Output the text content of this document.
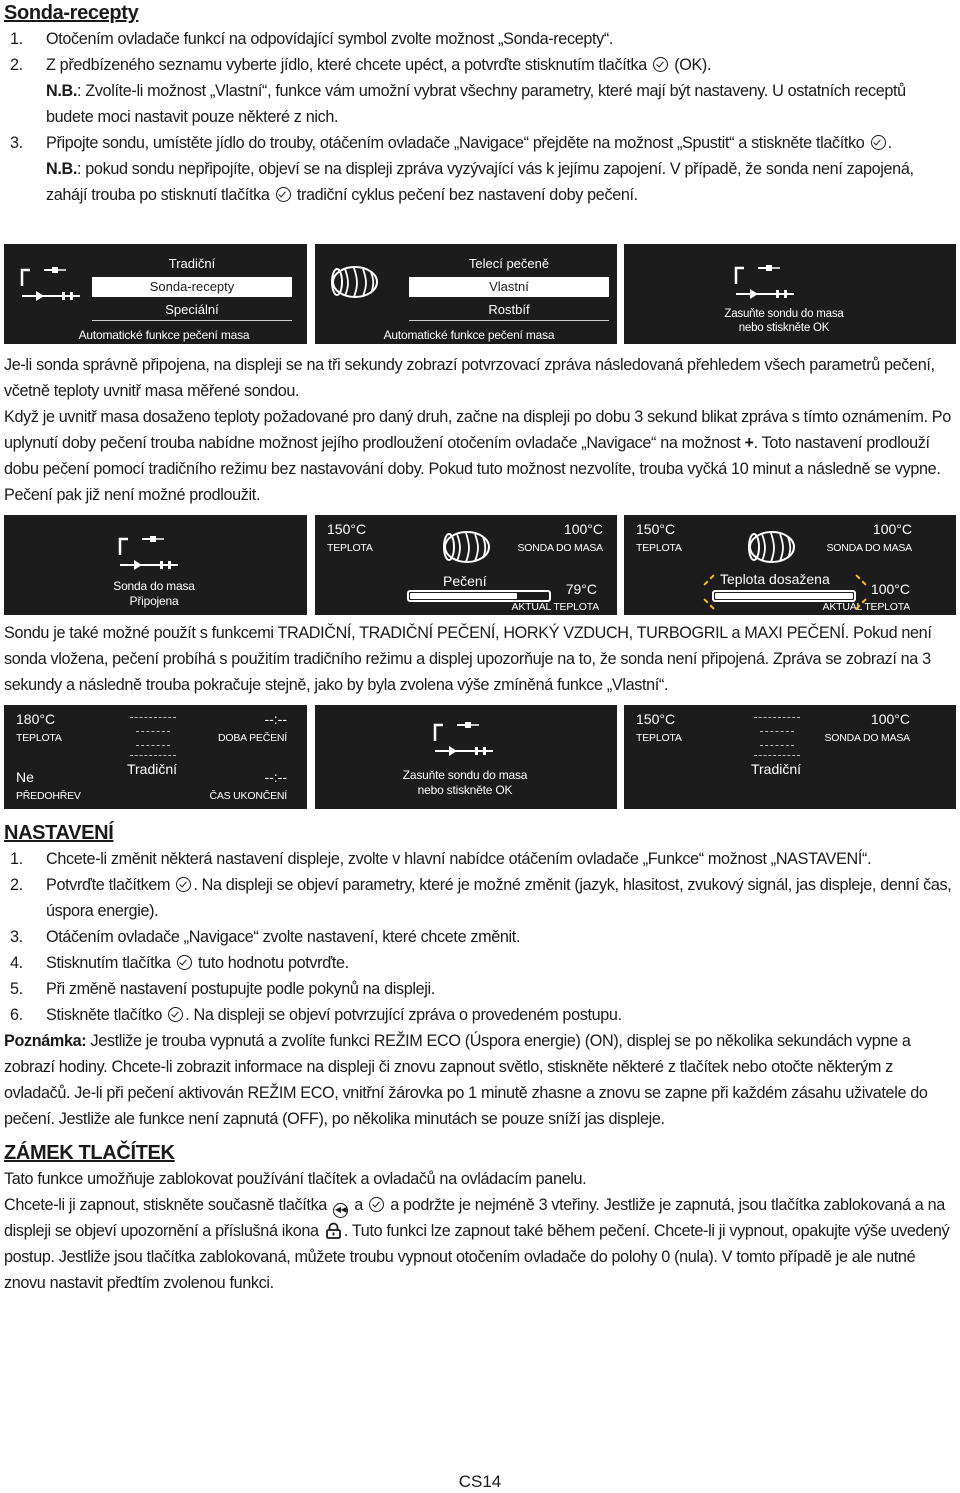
Sonda-recepty
1. Otočením ovladače funkcí na odpovídající symbol zvolte možnost „Sonda-recepty“.
2. Z předbízeného seznamu vyberte jídlo, které chcete upéct, a potvrďte stisknutím tlačítka (OK).
N.B.: Zvolíte-li možnost „Vlastní“, funkce vám umožní vybrat všechny parametry, které mají být nastaveny. U ostatních receptů budete moci nastavit pouze některé z nich.
3. Připojte sondu, umístěte jídlo do trouby, otáčením ovladače „Navigace“ přejděte na možnost „Spustit“ a stiskněte tlačítko .
N.B.: pokud sondu nepřipojíte, objeví se na displeji zpráva vyzývající vás k jejímu zapojení. V případě, že sonda není zapojená, zahájí trouba po stisknutí tlačítka tradiční cyklus pečení bez nastavení doby pečení.
Tradiční
Sonda-recepty
Speciální
Automatické funkce pečení masa
Telecí pečeně
Vlastní
Rostbíf
Automatické funkce pečení masa
Zasuňte sondu do masa
nebo stiskněte OK
Je-li sonda správně připojena, na displeji se na tři sekundy zobrazí potvrzovací zpráva následovaná přehledem všech parametrů pečení, včetně teploty uvnitř masa měřené sondou.
Když je uvnitř masa dosaženo teploty požadované pro daný druh, začne na displeji po dobu 3 sekund blikat zpráva s tímto oznámením. Po uplynutí doby pečení trouba nabídne možnost jejího prodloužení otočením ovladače „Navigace“ na možnost +. Toto nastavení prodlouží dobu pečení pomocí tradičního režimu bez nastavování doby. Pokud tuto možnost nezvolíte, trouba vyčká 10 minut a následně se vypne. Pečení pak již není možné prodloužit.
Sonda do masa
Připojena
150°C
TEPLOTA
100°C
SONDA DO MASA
Pečení	79°C
AKTUÁL TEPLOTA
150°C
TEPLOTA
100°C
SONDA DO MASA
Teplota dosažena
100°C
AKTUÁL TEPLOTA
Sondu je také možné použít s funkcemi TRADIČNÍ, TRADIČNÍ PEČENÍ, HORKÝ VZDUCH, TURBOGRIL a MAXI PEČENÍ. Pokud není sonda vložena, pečení probíhá s použitím tradičního režimu a displej upozorňuje na to, že sonda není připojená. Zpráva se zobrazí na 3 sekundy a následně trouba pokračuje stejně, jako by byla zvolena výše zmíněná funkce „Vlastní“.
180°C
TEPLOTA
--:--
DOBA PEČENÍ
Ne
PŘEDOHŘEV
Tradiční	--:--
ČAS UKONČENÍ
Zasuňte sondu do masa
nebo stiskněte OK
150°C
TEPLOTA
100°C
SONDA DO MASA
Tradiční
NASTAVENÍ
1. Chcete-li změnit některá nastavení displeje, zvolte v hlavní nabídce otáčením ovladače „Funkce“ možnost „NASTAVENÍ“.
2. Potvrďte tlačítkem . Na displeji se objeví parametry, které je možné změnit (jazyk, hlasitost, zvukový signál, jas displeje, denní čas, úspora energie).
3. Otáčením ovladače „Navigace“ zvolte nastavení, které chcete změnit.
4. Stisknutím tlačítka tuto hodnotu potvrďte.
5. Při změně nastavení postupujte podle pokynů na displeji.
6. Stiskněte tlačítko . Na displeji se objeví potvrzující zpráva o provedeném postupu.
Poznámka: Jestliže je trouba vypnutá a zvolíte funkci REŽIM ECO (Úspora energie) (ON), displej se po několika sekundách vypne a zobrazí hodiny. Chcete-li zobrazit informace na displeji či znovu zapnout světlo, stiskněte některé z tlačítek nebo otočte některým z ovladačů. Je-li při pečení aktivován REŽIM ECO, vnitřní žárovka po 1 minutě zhasne a znovu se zapne při každém zásahu uživatele do pečení. Jestliže ale funkce není zapnutá (OFF), po několika minutách se pouze sníží jas displeje.
ZÁMEK TLAČÍTEK
Tato funkce umožňuje zablokovat používání tlačítek a ovladačů na ovládacím panelu.
Chcete-li ji zapnout, stiskněte současně tlačítka ◀◀ a a podržte je nejméně 3 vteřiny. Jestliže je zapnutá, jsou tlačítka zablokovaná a na displeji se objeví upozornění a příslušná ikona . Tuto funkci lze zapnout také během pečení. Chcete-li ji vypnout, opakujte výše uvedený postup. Jestliže jsou tlačítka zablokovaná, můžete troubu vypnout otočením ovladače do polohy 0 (nula). V tomto případě je ale nutné znovu nastavit předtím zvolenou funkci.
CS14
